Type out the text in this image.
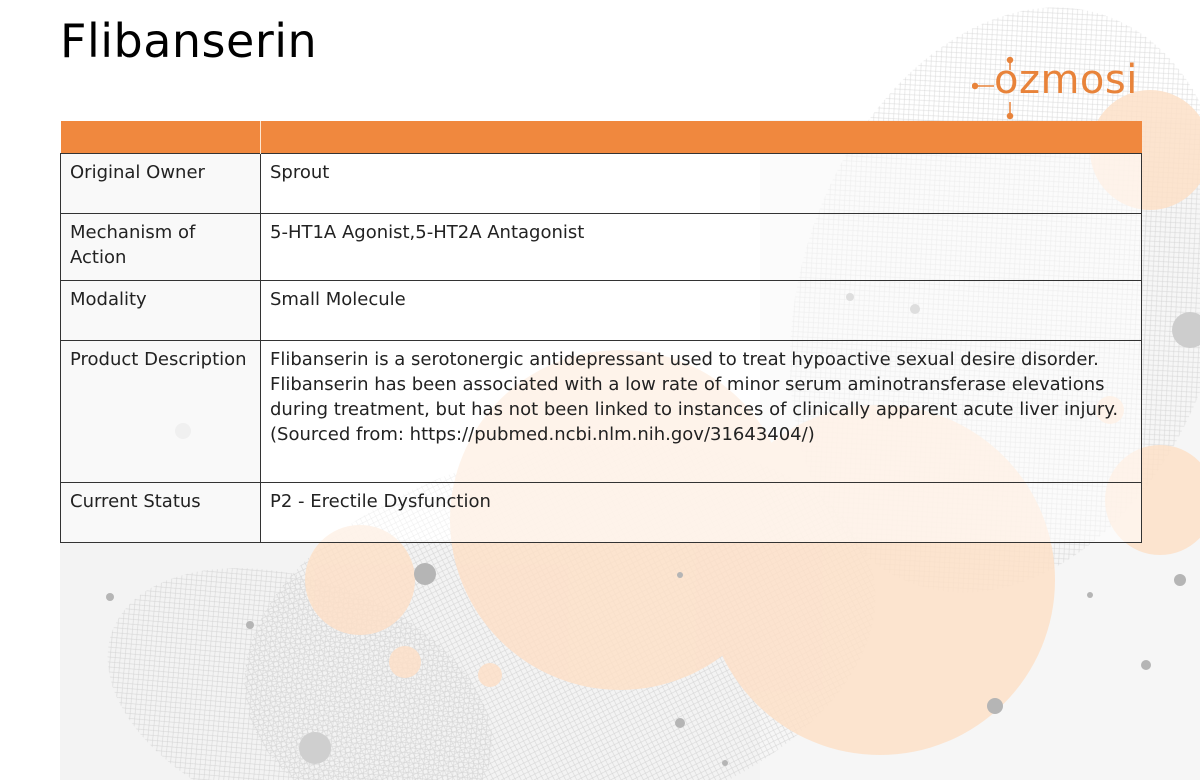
Flibanserin
ozmosi

Original Owner	Sprout
Mechanism of Action	5-HT1A Agonist,5-HT2A Antagonist
Modality	Small Molecule
Product Description	Flibanserin is a serotonergic antidepressant used to treat hypoactive sexual desire disorder. Flibanserin has been associated with a low rate of minor serum aminotransferase elevations during treatment, but has not been linked to instances of clinically apparent acute liver injury. (Sourced from: https://pubmed.ncbi.nlm.nih.gov/31643404/)
Current Status	P2 - Erectile Dysfunction
